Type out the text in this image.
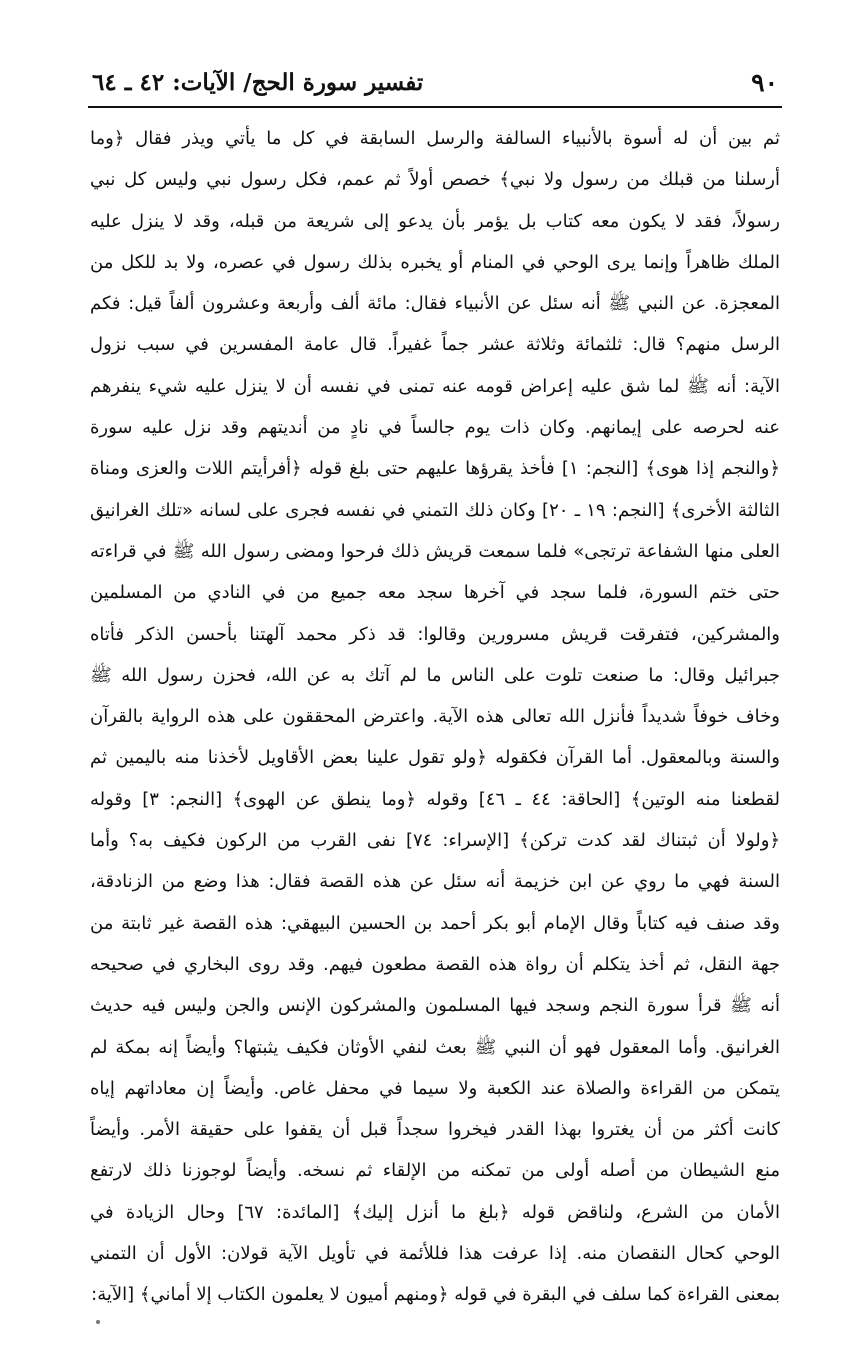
٩٠
تفسير سورة الحج/ الآيات: ٤٢ ـ ٦٤
ثم بين أن له أسوة بالأنبياء السالفة والرسل السابقة في كل ما يأتي ويذر فقال ﴿وما
أرسلنا من قبلك من رسول ولا نبي﴾ خصص أولاً ثم عمم، فكل رسول نبي وليس كل نبي
رسولاً، فقد لا يكون معه كتاب بل يؤمر بأن يدعو إلى شريعة من قبله، وقد لا ينزل عليه
الملك ظاهراً وإنما يرى الوحي في المنام أو يخبره بذلك رسول في عصره، ولا بد للكل من
المعجزة. عن النبي ﷺ أنه سئل عن الأنبياء فقال: مائة ألف وأربعة وعشرون ألفاً قيل: فكم
الرسل منهم؟ قال: ثلثمائة وثلاثة عشر جماً غفيراً. قال عامة المفسرين في سبب نزول
الآية: أنه ﷺ لما شق عليه إعراض قومه عنه تمنى في نفسه أن لا ينزل عليه شيء ينفرهم
عنه لحرصه على إيمانهم. وكان ذات يوم جالساً في نادٍ من أنديتهم وقد نزل عليه سورة
﴿والنجم إذا هوى﴾ [النجم: ١] فأخذ يقرؤها عليهم حتى بلغ قوله ﴿أفرأيتم اللات والعزى ومناة
الثالثة الأخرى﴾ [النجم: ١٩ ـ ٢٠] وكان ذلك التمني في نفسه فجرى على لسانه «تلك الغرانيق
العلى منها الشفاعة ترتجى» فلما سمعت قريش ذلك فرحوا ومضى رسول الله ﷺ في قراءته
حتى ختم السورة، فلما سجد في آخرها سجد معه جميع من في النادي من المسلمين
والمشركين، فتفرقت قريش مسرورين وقالوا: قد ذكر محمد آلهتنا بأحسن الذكر فأتاه
جبرائيل وقال: ما صنعت تلوت على الناس ما لم آتك به عن الله، فحزن رسول الله ﷺ
وخاف خوفاً شديداً فأنزل الله تعالى هذه الآية. واعترض المحققون على هذه الرواية بالقرآن
والسنة وبالمعقول. أما القرآن فكقوله ﴿ولو تقول علينا بعض الأقاويل لأخذنا منه باليمين ثم
لقطعنا منه الوتين﴾ [الحاقة: ٤٤ ـ ٤٦] وقوله ﴿وما ينطق عن الهوى﴾ [النجم: ٣] وقوله
﴿ولولا أن ثبتناك لقد كدت تركن﴾ [الإسراء: ٧٤] نفى القرب من الركون فكيف به؟ وأما
السنة فهي ما روي عن ابن خزيمة أنه سئل عن هذه القصة فقال: هذا وضع من الزنادقة،
وقد صنف فيه كتاباً وقال الإمام أبو بكر أحمد بن الحسين البيهقي: هذه القصة غير ثابتة من
جهة النقل، ثم أخذ يتكلم أن رواة هذه القصة مطعون فيهم. وقد روى البخاري في صحيحه
أنه ﷺ قرأ سورة النجم وسجد فيها المسلمون والمشركون الإنس والجن وليس فيه حديث
الغرانيق. وأما المعقول فهو أن النبي ﷺ بعث لنفي الأوثان فكيف يثبتها؟ وأيضاً إنه بمكة لم
يتمكن من القراءة والصلاة عند الكعبة ولا سيما في محفل غاص. وأيضاً إن معاداتهم إياه
كانت أكثر من أن يغتروا بهذا القدر فيخروا سجداً قبل أن يقفوا على حقيقة الأمر. وأيضاً
منع الشيطان من أصله أولى من تمكنه من الإلقاء ثم نسخه. وأيضاً لوجوزنا ذلك لارتفع
الأمان من الشرع، ولناقض قوله ﴿بلغ ما أنزل إليك﴾ [المائدة: ٦٧] وحال الزيادة في
الوحي كحال النقصان منه. إذا عرفت هذا فللأئمة في تأويل الآية قولان: الأول أن التمني
بمعنى القراءة كما سلف في البقرة في قوله ﴿ومنهم أميون لا يعلمون الكتاب إلا أماني﴾ [الآية:
